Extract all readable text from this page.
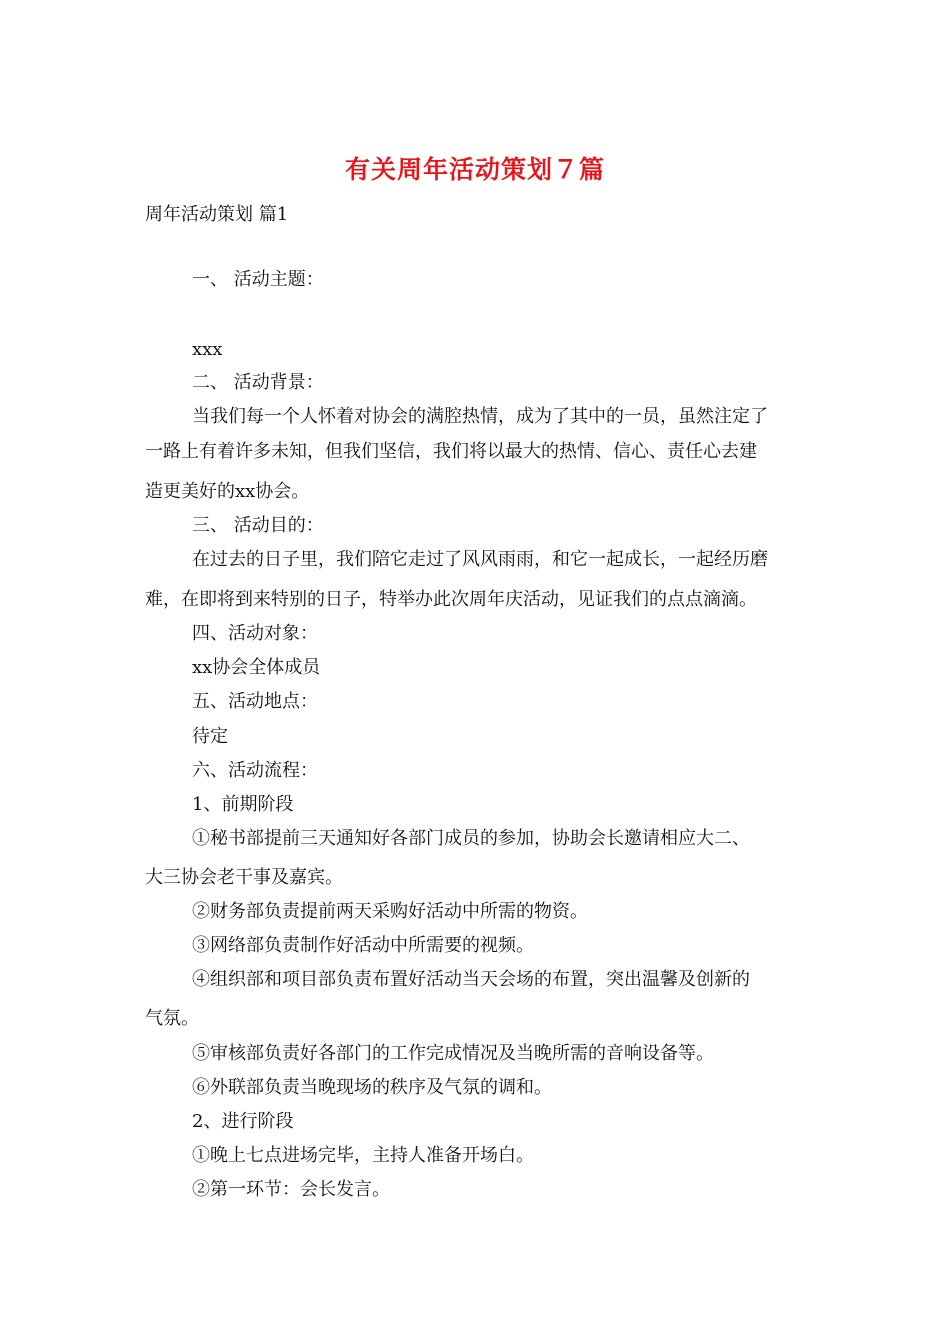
有关周年活动策划７篇
周年活动策划 篇1
一、 活动主题：
xxx
二、 活动背景：
当我们每一个人怀着对协会的满腔热情，成为了其中的一员，虽然注定了
一路上有着许多未知，但我们坚信，我们将以最大的热情、信心、责任心去建
造更美好的xx协会。
三、 活动目的：
在过去的日子里，我们陪它走过了风风雨雨，和它一起成长，一起经历磨
难，在即将到来特别的日子，特举办此次周年庆活动，见证我们的点点滴滴。
四、活动对象：
xx协会全体成员
五、活动地点：
待定
六、活动流程：
1、前期阶段
①秘书部提前三天通知好各部门成员的参加，协助会长邀请相应大二、
大三协会老干事及嘉宾。
②财务部负责提前两天采购好活动中所需的物资。
③网络部负责制作好活动中所需要的视频。
④组织部和项目部负责布置好活动当天会场的布置，突出温馨及创新的
气氛。
⑤审核部负责好各部门的工作完成情况及当晚所需的音响设备等。
⑥外联部负责当晚现场的秩序及气氛的调和。
2、进行阶段
①晚上七点进场完毕，主持人准备开场白。
②第一环节：会长发言。
